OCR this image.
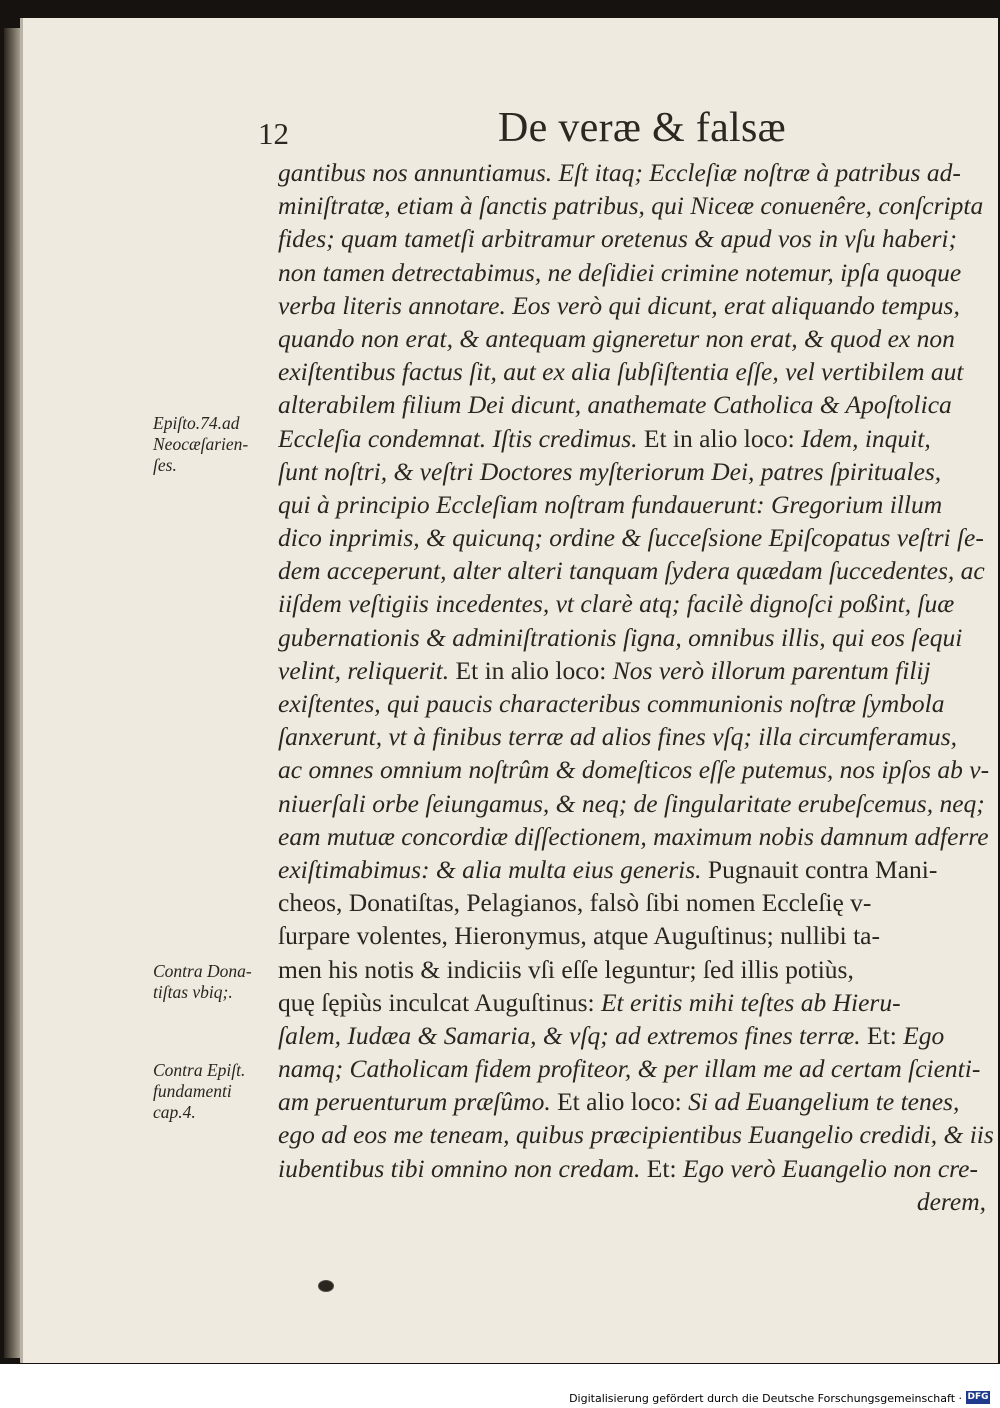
12	De veræ & falsæ
Epiſto.74.ad
Neocæſarien-
ſes.
Contra Dona-
tiſtas vbiq;.
Contra Epiſt.
fundamenti
cap.4.
gantibus nos annuntiamus. Eſt itaq; Eccleſiæ noſtræ à patribus ad-
miniſtratæ, etiam à ſanctis patribus, qui Niceæ conuenêre, conſcripta
fides; quam tametſi arbitramur oretenus & apud vos in vſu haberi;
non tamen detrectabimus, ne deſidiei crimine notemur, ipſa quoque
verba literis annotare. Eos verò qui dicunt, erat aliquando tempus,
quando non erat, & antequam gigneretur non erat, & quod ex non
exiſtentibus factus ſit, aut ex alia ſubſiſtentia eſſe, vel vertibilem aut
alterabilem filium Dei dicunt, anathemate Catholica & Apoſtolica
Eccleſia condemnat. Iſtis credimus. Et in alio loco: Idem, inquit,
ſunt noſtri, & veſtri Doctores myſteriorum Dei, patres ſpirituales,
qui à principio Eccleſiam noſtram fundauerunt: Gregorium illum
dico inprimis, & quicunq; ordine & ſucceſsione Epiſcopatus veſtri ſe-
dem acceperunt, alter alteri tanquam ſydera quædam ſuccedentes, ac
iiſdem veſtigiis incedentes, vt clarè atq; facilè dignoſci poßint, ſuæ
gubernationis & adminiſtrationis ſigna, omnibus illis, qui eos ſequi
velint, reliquerit. Et in alio loco: Nos verò illorum parentum filij
exiſtentes, qui paucis characteribus communionis noſtræ ſymbola
ſanxerunt, vt à finibus terræ ad alios fines vſq; illa circumferamus,
ac omnes omnium noſtrûm & domeſticos eſſe putemus, nos ipſos ab v-
niuerſali orbe ſeiungamus, & neq; de ſingularitate erubeſcemus, neq;
eam mutuæ concordiæ diſſectionem, maximum nobis damnum adferre
exiſtimabimus: & alia multa eius generis. Pugnauit contra Mani-
cheos, Donatiſtas, Pelagianos, falsò ſibi nomen Eccleſię v-
ſurpare volentes, Hieronymus, atque Auguſtinus; nullibi ta-
men his notis & indiciis vſi eſſe leguntur; ſed illis potiùs,
quę ſępiùs inculcat Auguſtinus: Et eritis mihi teſtes ab Hieru-
ſalem, Iudæa & Samaria, & vſq; ad extremos fines terræ. Et: Ego
namq; Catholicam fidem profiteor, & per illam me ad certam ſcienti-
am peruenturum præſûmo. Et alio loco: Si ad Euangelium te tenes,
ego ad eos me teneam, quibus præcipientibus Euangelio credidi, & iis
iubentibus tibi omnino non credam. Et: Ego verò Euangelio non cre-
derem,
Digitalisierung gefördert durch die Deutsche Forschungsgemeinschaft · DFG
